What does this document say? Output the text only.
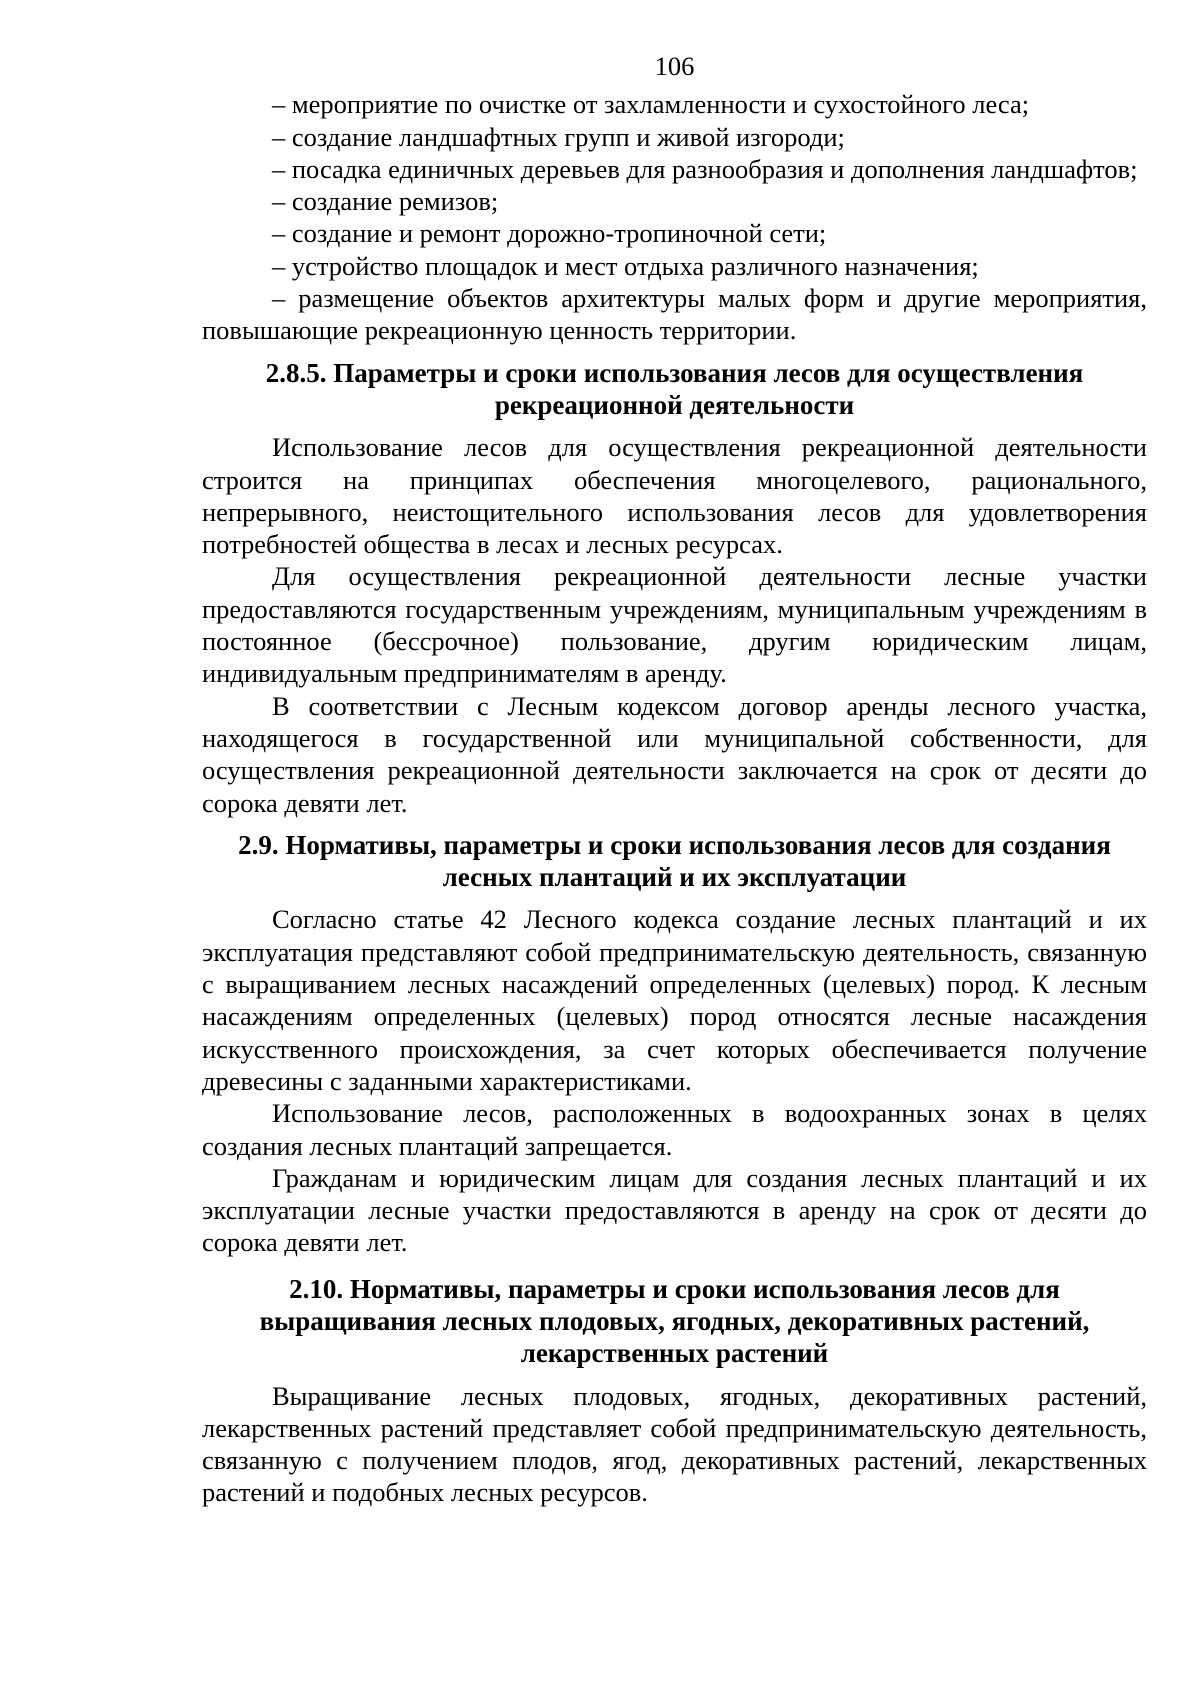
106

– мероприятие по очистке от захламленности и сухостойного леса;

– создание ландшафтных групп и живой изгороди;

– посадка единичных деревьев для разнообразия и дополнения ландшафтов;

– создание ремизов;

– создание и ремонт дорожно-тропиночной сети;

– устройство площадок и мест отдыха различного назначения;

– размещение объектов архитектуры малых форм и другие мероприятия, повышающие рекреационную ценность территории.

2.8.5. Параметры и сроки использования лесов для осуществления рекреационной деятельности

Использование лесов для осуществления рекреационной деятельности строится на принципах обеспечения многоцелевого, рационального, непрерывного, неистощительного использования лесов для удовлетворения потребностей общества в лесах и лесных ресурсах.

Для осуществления рекреационной деятельности лесные участки предоставляются государственным учреждениям, муниципальным учреждениям в постоянное (бессрочное) пользование, другим юридическим лицам, индивидуальным предпринимателям в аренду.

В соответствии с Лесным кодексом договор аренды лесного участка, находящегося в государственной или муниципальной собственности, для осуществления рекреационной деятельности заключается на срок от десяти до сорока девяти лет.

2.9. Нормативы, параметры и сроки использования лесов для создания лесных плантаций и их эксплуатации

Согласно статье 42 Лесного кодекса создание лесных плантаций и их эксплуатация представляют собой предпринимательскую деятельность, связанную с выращиванием лесных насаждений определенных (целевых) пород. К лесным насаждениям определенных (целевых) пород относятся лесные насаждения искусственного происхождения, за счет которых обеспечивается получение древесины с заданными характеристиками.

Использование лесов, расположенных в водоохранных зонах в целях создания лесных плантаций запрещается.

Гражданам и юридическим лицам для создания лесных плантаций и их эксплуатации лесные участки предоставляются в аренду на срок от десяти до сорока девяти лет.

2.10. Нормативы, параметры и сроки использования лесов для выращивания лесных плодовых, ягодных, декоративных растений, лекарственных растений

Выращивание лесных плодовых, ягодных, декоративных растений, лекарственных растений представляет собой предпринимательскую деятельность, связанную с получением плодов, ягод, декоративных растений, лекарственных растений и подобных лесных ресурсов.
